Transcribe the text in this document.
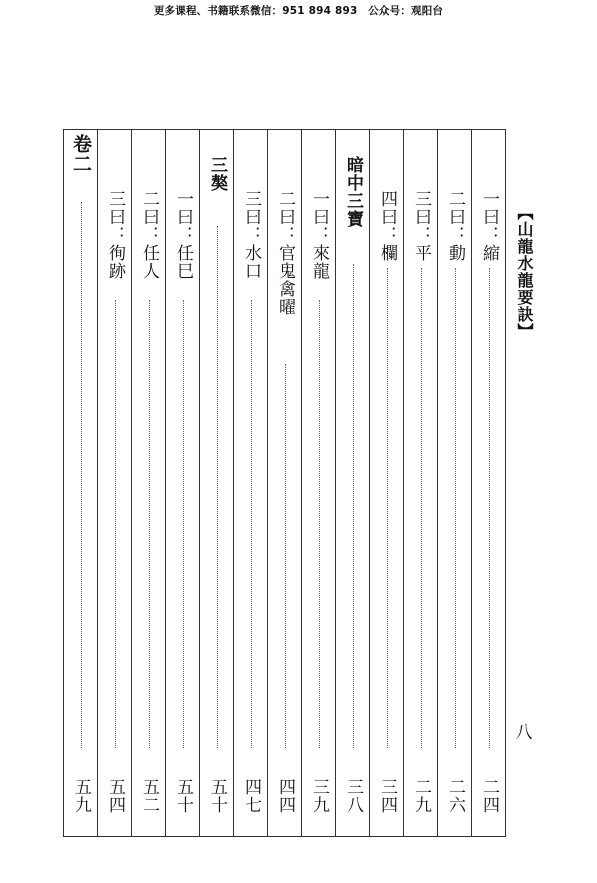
更多课程、书籍联系微信：951 894 893　公众号：观阳台
【山龍水龍要訣】
八
一曰：縮
二四
二曰：動
二六
三曰：平
二九
四曰：欄
三四
暗中三寶
三八
一曰：來龍
三九
二曰：官鬼禽曜
四四
三曰：水口
四七
三獒
五十
一曰：任巳
五十
二曰：任人
五二
三曰：徇跡
五四
卷二
五九
